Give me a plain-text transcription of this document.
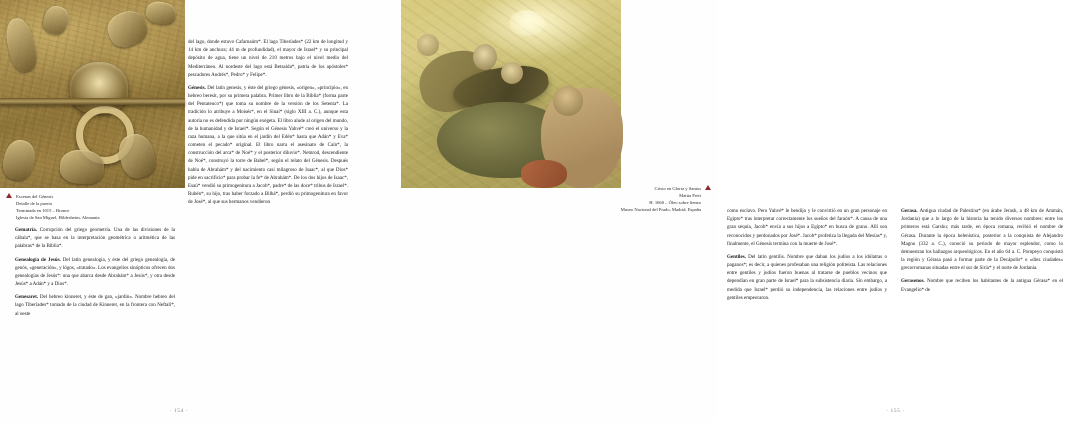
Escenas del Génesis
Detalle de la puerta
Terminada en 1015 – Bronce
Iglesia de San Miguel, Hildesheim, Alemania

Gematría. Corrupción del griego geometría. Una de las divisiones de la cábala*, que se basa en la interpretación geométrica o aritmética de las palabras* de la Biblia*.

Genealogía de Jesús. Del latín genealogia, y éste del griego genealogía, de genós, «generación», y lógos, «tratado». Los evangelios sinópticos ofrecen dos genealogías de Jesús*: una que abarca desde Abrahám* a Jesús*, y otra desde Jesús* a Adán* y a Dios*.

Genesaret. Del hebreo kinneret, y éste de gan, «jardín». Nombre hebreo del lago Tiberíades* tomado de la ciudad de Kinneret, en la frontera con Neftalí*, al oeste

del lago, donde estuvo Cafarnaúm*. El lago Tiberíades* (22 km de longitud y 14 km de anchura; 44 m de profundidad), el mayor de Israel* y su principal depósito de agua, tiene un nivel de 210 metros bajo el nivel medio del Mediterráneo. Al nordeste del lago está Betsaida*, patria de los apóstoles* pescadores Andrés*, Pedro* y Felipe*.

Génesis. Del latín genesis, y éste del griego génesis, «origen», «principio», en hebreo beresit, por su primera palabra. Primer libro de la Biblia* (forma parte del Pentateuco*) que toma su nombre de la versión de los Setenta*. La tradición lo atribuye a Moisés*, en el Sinaí* (siglo XIII a. C.), aunque esta autoría no es defendida por ningún exégeta. El libro alude al origen del mundo, de la humanidad y de Israel*. Según el Génesis Yahvé* creó el universo y la raza humana, a la que sitúa en el jardín del Edén* hasta que Adán* y Eva* cometen el pecado* original. El libro narra el asesinato de Caín*, la construcción del arca* de Noé* y el posterior diluvio*. Nemrod, descendiente de Noé*, construyó la torre de Babel*, según el relato del Génesis. Después habla de Abrahám* y del nacimiento casi milagroso de Isaac*, al que Dios* pide en sacrificio* para probar la fe* de Abrahám*. De los dos hijos de Isaac*, Esaú* vendió su primogenitura a Jacob*, padre* de las doce* tribus de Israel*. Rubén*, su hijo, tras haber forzado a Bilhá*, perdió su primogenitura en favor de José*, al que sus hermanos vendieron

· 154 ·
Cristo en Gloria y Santos
Mattia Preti
H. 1660 – Óleo sobre lienzo
Museo Nacional del Prado, Madrid, España	como esclavo. Pero Yahvé* le bendijo y le convirtió en un gran personaje en Egipto* tras interpretar correctamente los sueños del faraón*. A causa de una gran sequía, Jacob* envía a sus hijos a Egipto* en busca de grano. Allí son reconocidos y perdonados por José*. Jacob* profetiza la llegada del Mesías* y, finalmente, el Génesis termina con la muerte de José*.

Gentiles. Del latín gentilis. Nombre que daban los judíos a los idólatras o paganos*; es decir, a quienes profesaban una religión politeísta. Las relaciones entre gentiles y judíos fueron buenas al tratarse de pueblos vecinos que dependían en gran parte de Israel* para la subsistencia diaria. Sin embargo, a medida que Israel* perdió su independencia, las relaciones entre judíos y gentiles empeoraron.

Gerasa. Antigua ciudad de Palestina* (en árabe Jerash, a 48 km de Ammán, Jordania) que a lo largo de la historia ha tenido diversos nombres: entre los primeros está Garshu; más tarde, en época romana, recibió el nombre de Gérasa. Durante la época helenística, posterior a la conquista de Alejandro Magno (332 a. C.), conoció su periodo de mayor esplendor, como lo demuestran los hallazgos arqueológicos. En el año 64 a. C. Pompeyo conquistó la región y Gérasa pasó a formar parte de la Decápolis* o «diez ciudades» grecorromanas situadas entre el sur de Siria* y el norte de Jordania.

Gerasenos. Nombre que reciben los habitantes de la antigua Gérasa* en el Evangelio* de

· 155 ·
